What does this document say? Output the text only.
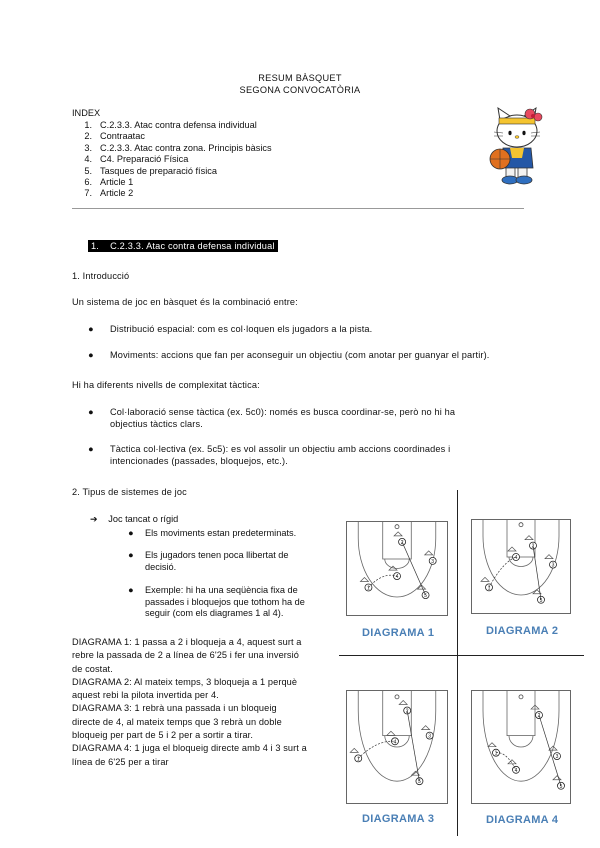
RESUM BÀSQUET
SEGONA CONVOCATÒRIA
INDEX
1. C.2.3.3. Atac contra defensa individual
2. Contraatac
3. C.2.3.3. Atac contra zona. Principis bàsics
4. C4. Preparació Física
5. Tasques de preparació física
6. Article 1
7. Article 2
1.    C.2.3.3. Atac contra defensa individual
1. Introducció
Un sistema de joc en bàsquet és la combinació entre:
● Distribució espacial: com es col·loquen els jugadors a la pista.
● Moviments: accions que fan per aconseguir un objectiu (com anotar per guanyar el partir).
Hi ha diferents nivells de complexitat tàctica:
● Col·laboració sense tàctica (ex. 5c0): només es busca coordinar-se, però no hi ha
objectius tàctics clars.
● Tàctica col·lectiva (ex. 5c5): es vol assolir un objectiu amb accions coordinades i
intencionades (passades, bloquejos, etc.).
2. Tipus de sistemes de joc
➔ Joc tancat o rígid
● Els moviments estan predeterminats.
● Els jugadors tenen poca llibertat de
decisió.
● Exemple: hi ha una seqüència fixa de
passades i bloquejos que tothom ha de
seguir (com els diagrames 1 al 4).
DIAGRAMA 1: 1 passa a 2 i bloqueja a 4, aquest surt a
rebre la passada de 2 a línea de 6'25 i fer una inversió
de costat.
DIAGRAMA 2: Al mateix temps, 3 bloqueja a 1 perquè
aquest rebi la pilota invertida per 4.
DIAGRAMA 3: 1 rebrà una passada i un bloqueig
directe de 4, al mateix temps que 3 rebrà un doble
bloqueig per part de 5 i 2 per a sortir a tirar.
DIAGRAMA 4: 1 juga el bloqueig directe amb 4 i 3 surt a
línea de 6'25 per a tirar
1
2
3
4
5
DIAGRAMA 1
1
2
3
4
5
DIAGRAMA 2
1
2
3
4
5
DIAGRAMA 3
1
2
3
4
5
DIAGRAMA 4
